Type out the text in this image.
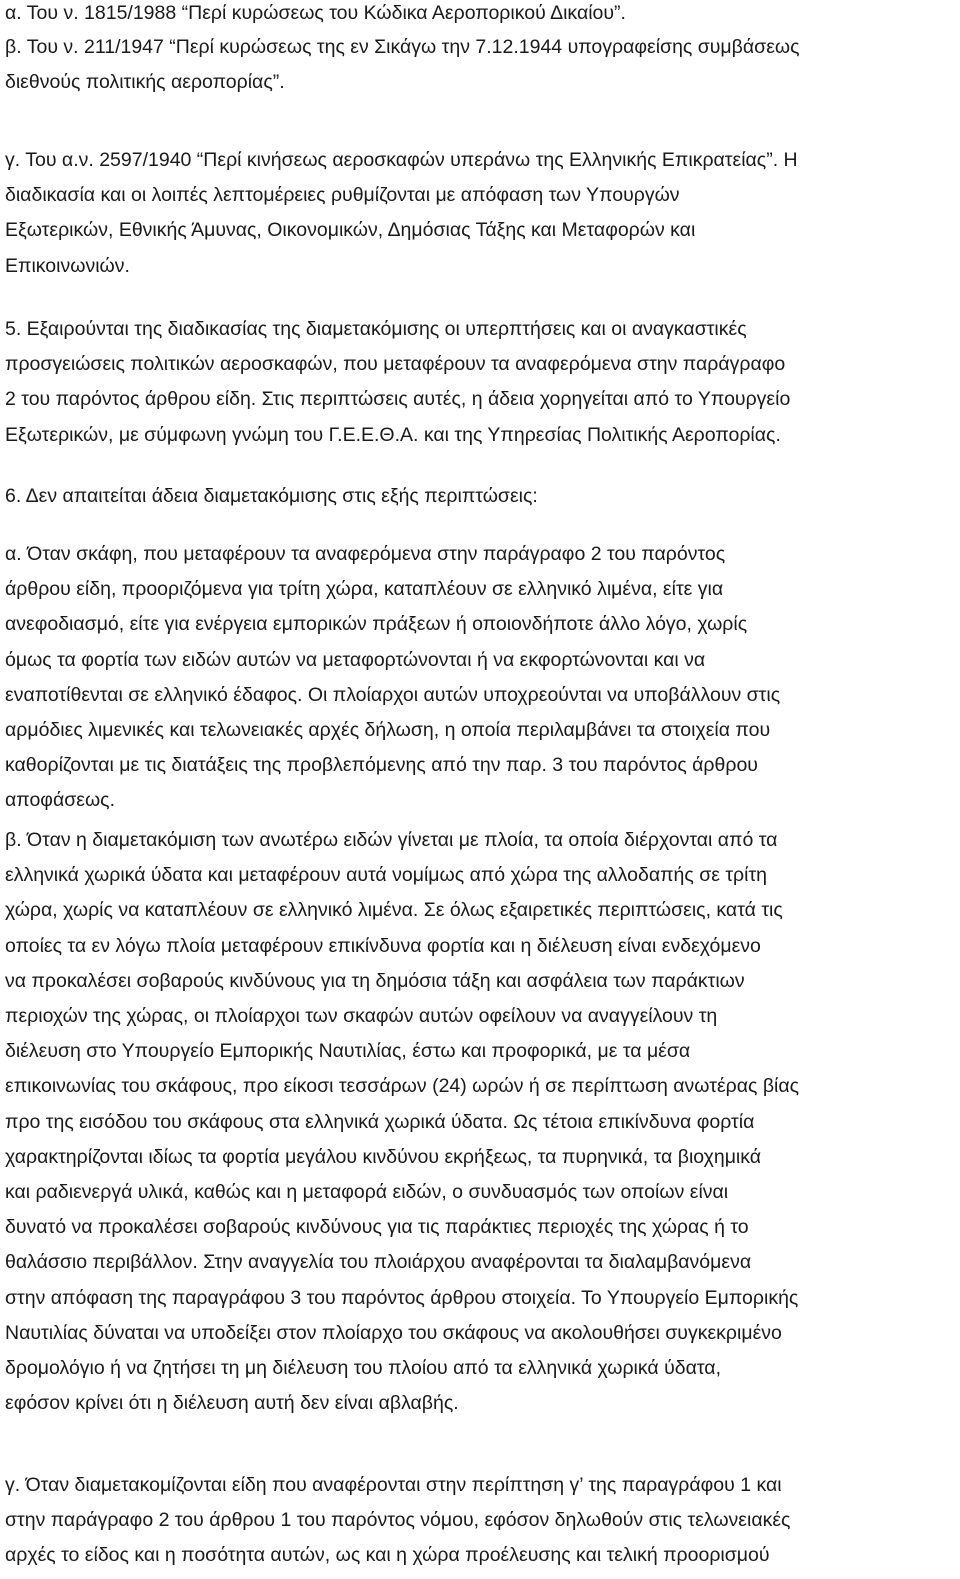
α. Του ν. 1815/1988 “Περί κυρώσεως του Κώδικα Αεροπορικού Δικαίου”.
β. Του ν. 211/1947 “Περί κυρώσεως της εν Σικάγω την 7.12.1944 υπογραφείσης συμβάσεως
διεθνούς πολιτικής αεροπορίας”.
γ. Του α.ν. 2597/1940 “Περί κινήσεως αεροσκαφών υπεράνω της Ελληνικής Επικρατείας”. Η
διαδικασία και οι λοιπές λεπτομέρειες ρυθμίζονται με απόφαση των Υπουργών
Εξωτερικών, Εθνικής Άμυνας, Οικονομικών, Δημόσιας Τάξης και Μεταφορών και
Επικοινωνιών.
5. Εξαιρούνται της διαδικασίας της διαμετακόμισης οι υπερπτήσεις και οι αναγκαστικές
προσγειώσεις πολιτικών αεροσκαφών, που μεταφέρουν τα αναφερόμενα στην παράγραφο
2 του παρόντος άρθρου είδη. Στις περιπτώσεις αυτές, η άδεια χορηγείται από το Υπουργείο
Εξωτερικών, με σύμφωνη γνώμη του Γ.Ε.Ε.Θ.Α. και της Υπηρεσίας Πολιτικής Αεροπορίας.
6. Δεν απαιτείται άδεια διαμετακόμισης στις εξής περιπτώσεις:
α. Όταν σκάφη, που μεταφέρουν τα αναφερόμενα στην παράγραφο 2 του παρόντος
άρθρου είδη, προοριζόμενα για τρίτη χώρα, καταπλέουν σε ελληνικό λιμένα, είτε για
ανεφοδιασμό, είτε για ενέργεια εμπορικών πράξεων ή οποιονδήποτε άλλο λόγο, χωρίς
όμως τα φορτία των ειδών αυτών να μεταφορτώνονται ή να εκφορτώνονται και να
εναποτίθενται σε ελληνικό έδαφος. Οι πλοίαρχοι αυτών υποχρεούνται να υποβάλλουν στις
αρμόδιες λιμενικές και τελωνειακές αρχές δήλωση, η οποία περιλαμβάνει τα στοιχεία που
καθορίζονται με τις διατάξεις της προβλεπόμενης από την παρ. 3 του παρόντος άρθρου
αποφάσεως.
β. Όταν η διαμετακόμιση των ανωτέρω ειδών γίνεται με πλοία, τα οποία διέρχονται από τα
ελληνικά χωρικά ύδατα και μεταφέρουν αυτά νομίμως από χώρα της αλλοδαπής σε τρίτη
χώρα, χωρίς να καταπλέουν σε ελληνικό λιμένα. Σε όλως εξαιρετικές περιπτώσεις, κατά τις
οποίες τα εν λόγω πλοία μεταφέρουν επικίνδυνα φορτία και η διέλευση είναι ενδεχόμενο
να προκαλέσει σοβαρούς κινδύνους για τη δημόσια τάξη και ασφάλεια των παράκτιων
περιοχών της χώρας, οι πλοίαρχοι των σκαφών αυτών οφείλουν να αναγγείλουν τη
διέλευση στο Υπουργείο Εμπορικής Ναυτιλίας, έστω και προφορικά, με τα μέσα
επικοινωνίας του σκάφους, προ είκοσι τεσσάρων (24) ωρών ή σε περίπτωση ανωτέρας βίας
προ της εισόδου του σκάφους στα ελληνικά χωρικά ύδατα. Ως τέτοια επικίνδυνα φορτία
χαρακτηρίζονται ιδίως τα φορτία μεγάλου κινδύνου εκρήξεως, τα πυρηνικά, τα βιοχημικά
και ραδιενεργά υλικά, καθώς και η μεταφορά ειδών, ο συνδυασμός των οποίων είναι
δυνατό να προκαλέσει σοβαρούς κινδύνους για τις παράκτιες περιοχές της χώρας ή το
θαλάσσιο περιβάλλον. Στην αναγγελία του πλοιάρχου αναφέρονται τα διαλαμβανόμενα
στην απόφαση της παραγράφου 3 του παρόντος άρθρου στοιχεία. Το Υπουργείο Εμπορικής
Ναυτιλίας δύναται να υποδείξει στον πλοίαρχο του σκάφους να ακολουθήσει συγκεκριμένο
δρομολόγιο ή να ζητήσει τη μη διέλευση του πλοίου από τα ελληνικά χωρικά ύδατα,
εφόσον κρίνει ότι η διέλευση αυτή δεν είναι αβλαβής.
γ. Όταν διαμετακομίζονται είδη που αναφέρονται στην περίπτηση γ’ της παραγράφου 1 και
στην παράγραφο 2 του άρθρου 1 του παρόντος νόμου, εφόσον δηλωθούν στις τελωνειακές
αρχές το είδος και η ποσότητα αυτών, ως και η χώρα προέλευσης και τελική προορισμού
